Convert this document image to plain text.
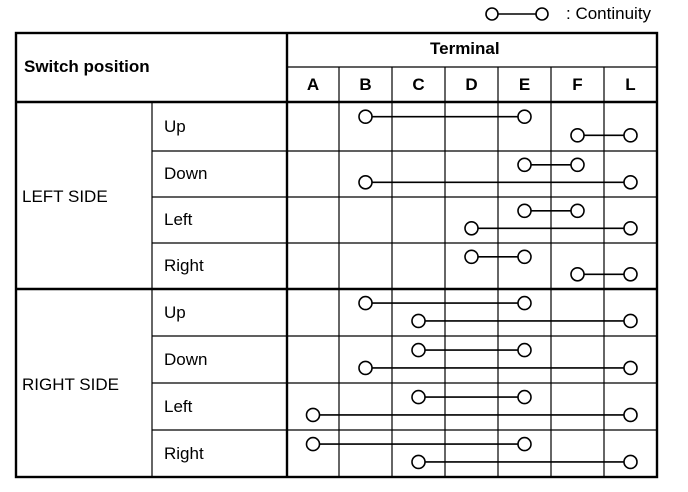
: Continuity
Switch position
Terminal
A B C D E F	L
LEFT SIDE
RIGHT SIDE
Up
Down
Left
Right
Up
Down
Left
Right
